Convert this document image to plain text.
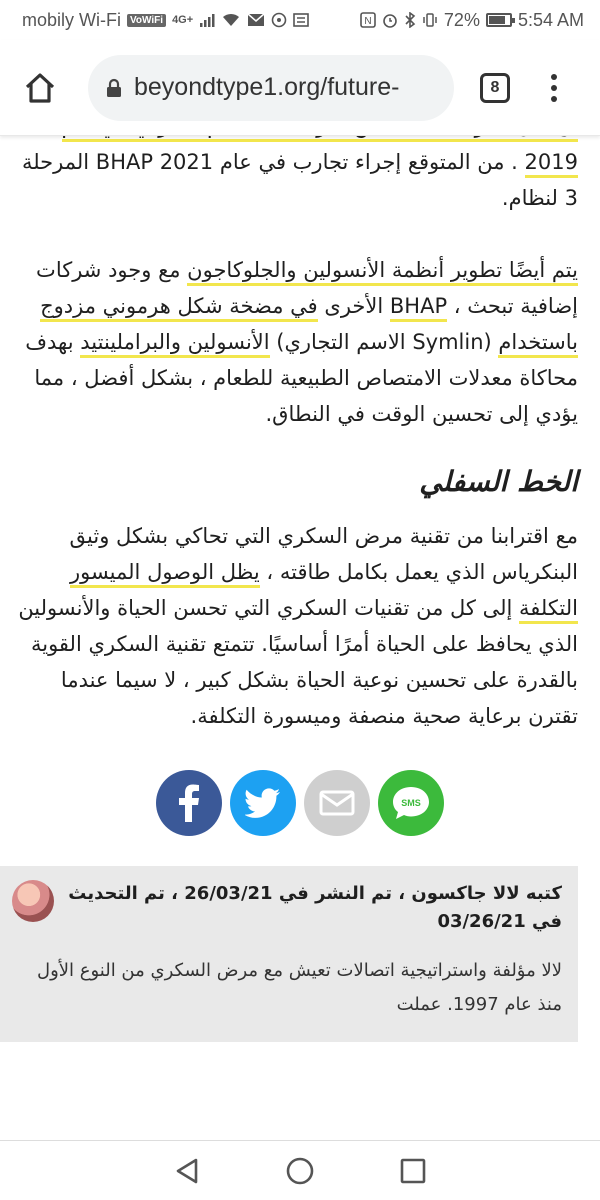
mobily Wi-Fi VoWiFi 4G+	N	72% 5:54 AM
beyondtype1.org/future-	8

2019 . من المتوقع إجراء تجارب في عام BHAP 2021 المرحلة 3 لنظام.

يتم أيضًا تطوير أنظمة الأنسولين والجلوكاجون مع وجود شركات إضافية تبحث ، BHAP الأخرى في مضخة شكل هرموني مزدوج باستخدام (Symlin الاسم التجاري) الأنسولين والبراملينتيد بهدف محاكاة معدلات الامتصاص الطبيعية للطعام ، بشكل أفضل ، مما يؤدي إلى تحسين الوقت في النطاق.

الخط السفلي

مع اقترابنا من تقنية مرض السكري التي تحاكي بشكل وثيق البنكرياس الذي يعمل بكامل طاقته ، يظل الوصول الميسور التكلفة إلى كل من تقنيات السكري التي تحسن الحياة والأنسولين الذي يحافظ على الحياة أمرًا أساسيًا. تتمتع تقنية السكري القوية بالقدرة على تحسين نوعية الحياة بشكل كبير ، لا سيما عندما تقترن برعاية صحية منصفة وميسورة التكلفة.

SMS
كتبه لالا جاكسون ، تم النشر في 26/03/21 ، تم التحديث في 03/26/21
لالا مؤلفة واستراتيجية اتصالات تعيش مع مرض السكري من النوع الأول منذ عام 1997. عملت
